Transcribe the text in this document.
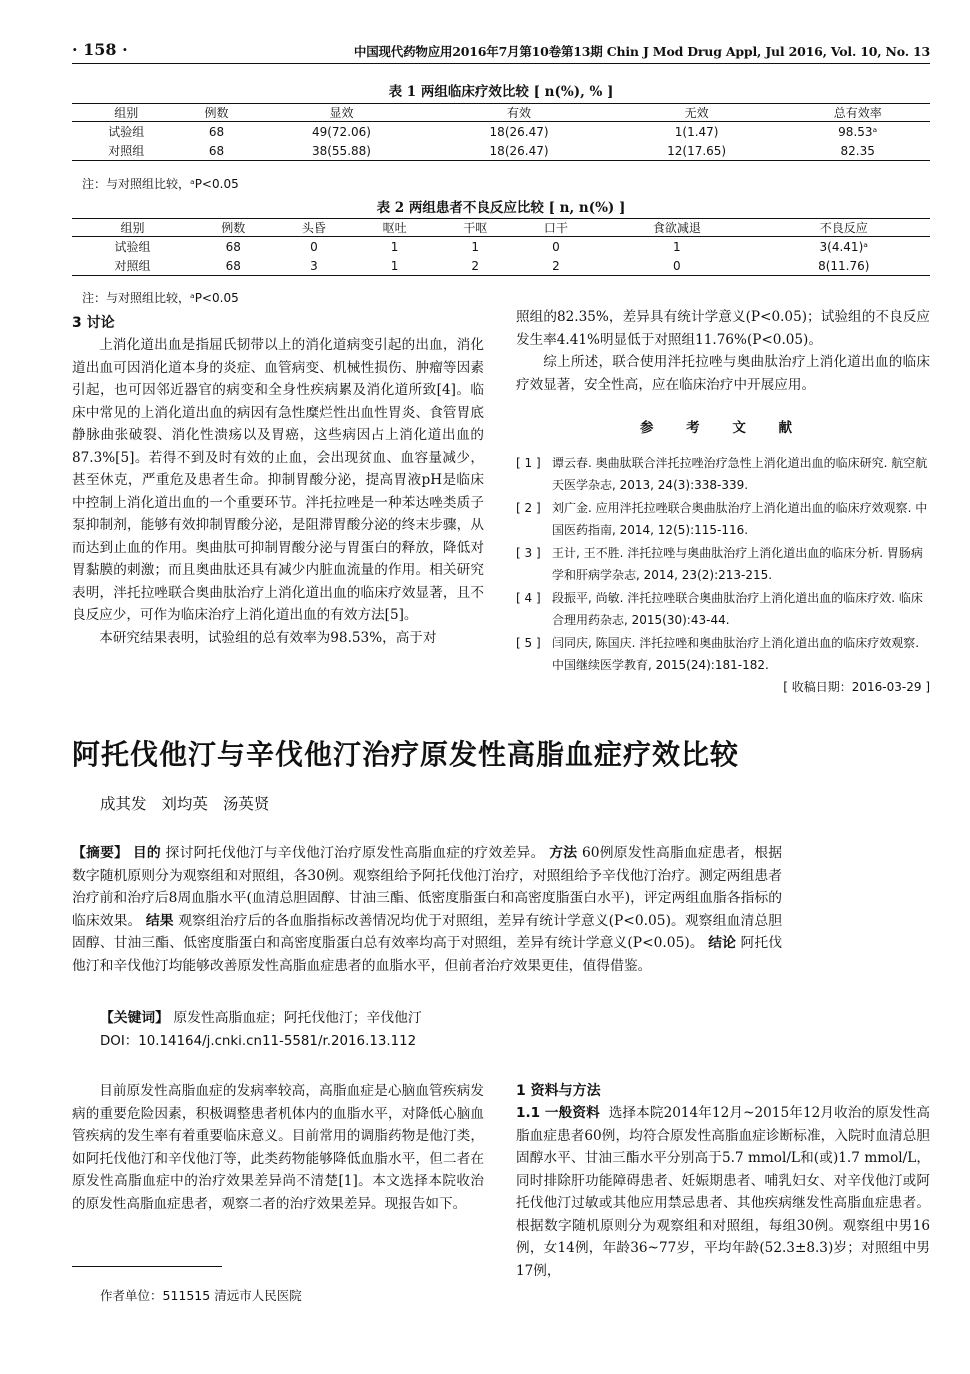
· 158 ·	中国现代药物应用2016年7月第10卷第13期 Chin J Mod Drug Appl, Jul 2016, Vol. 10, No. 13
表 1 两组临床疗效比较 [ n(%), % ]
组别	例数	显效	有效	无效	总有效率
试验组	68	49(72.06)	18(26.47)	1(1.47)	98.53ᵃ
对照组	68	38(55.88)	18(26.47)	12(17.65)	82.35
注：与对照组比较，ᵃP<0.05
表 2 两组患者不良反应比较 [ n, n(%) ]
组别	例数	头昏	呕吐	干呕	口干	食欲减退	不良反应
试验组	68	0	1	1	0	1	3(4.41)ᵃ
对照组	68	3	1	2	2	0	8(11.76)
注：与对照组比较，ᵃP<0.05
3 讨论

上消化道出血是指屈氏韧带以上的消化道病变引起的出血，消化道出血可因消化道本身的炎症、血管病变、机械性损伤、肿瘤等因素引起，也可因邻近器官的病变和全身性疾病累及消化道所致[4]。临床中常见的上消化道出血的病因有急性糜烂性出血性胃炎、食管胃底静脉曲张破裂、消化性溃疡以及胃癌，这些病因占上消化道出血的87.3%[5]。若得不到及时有效的止血，会出现贫血、血容量减少，甚至休克，严重危及患者生命。抑制胃酸分泌，提高胃液pH是临床中控制上消化道出血的一个重要环节。泮托拉唑是一种苯达唑类质子泵抑制剂，能够有效抑制胃酸分泌，是阻滞胃酸分泌的终末步骤，从而达到止血的作用。奥曲肽可抑制胃酸分泌与胃蛋白的释放，降低对胃黏膜的刺激；而且奥曲肽还具有减少内脏血流量的作用。相关研究表明，泮托拉唑联合奥曲肽治疗上消化道出血的临床疗效显著，且不良反应少，可作为临床治疗上消化道出血的有效方法[5]。

本研究结果表明，试验组的总有效率为98.53%，高于对

照组的82.35%，差异具有统计学意义(P<0.05)；试验组的不良反应发生率4.41%明显低于对照组11.76%(P<0.05)。

综上所述，联合使用泮托拉唑与奥曲肽治疗上消化道出血的临床疗效显著，安全性高，应在临床治疗中开展应用。

参 考 文 献
[ 1 ] 谭云春. 奥曲肽联合泮托拉唑治疗急性上消化道出血的临床研究. 航空航天医学杂志, 2013, 24(3):338-339.
[ 2 ] 刘广金. 应用泮托拉唑联合奥曲肽治疗上消化道出血的临床疗效观察. 中国医药指南, 2014, 12(5):115-116.
[ 3 ] 王计, 王不胜. 泮托拉唑与奥曲肽治疗上消化道出血的临床分析. 胃肠病学和肝病学杂志, 2014, 23(2):213-215.
[ 4 ] 段振平, 尚敏. 泮托拉唑联合奥曲肽治疗上消化道出血的临床疗效. 临床合理用药杂志, 2015(30):43-44.
[ 5 ] 闫同庆, 陈国庆. 泮托拉唑和奥曲肽治疗上消化道出血的临床疗效观察. 中国继续医学教育, 2015(24):181-182.
[ 收稿日期：2016-03-29 ]
阿托伐他汀与辛伐他汀治疗原发性高脂血症疗效比较
成其发 刘均英 汤英贤
【摘要】 目的 探讨阿托伐他汀与辛伐他汀治疗原发性高脂血症的疗效差异。 方法 60例原发性高脂血症患者，根据数字随机原则分为观察组和对照组，各30例。观察组给予阿托伐他汀治疗，对照组给予辛伐他汀治疗。测定两组患者治疗前和治疗后8周血脂水平(血清总胆固醇、甘油三酯、低密度脂蛋白和高密度脂蛋白水平)，评定两组血脂各指标的临床效果。 结果 观察组治疗后的各血脂指标改善情况均优于对照组，差异有统计学意义(P<0.05)。观察组血清总胆固醇、甘油三酯、低密度脂蛋白和高密度脂蛋白总有效率均高于对照组，差异有统计学意义(P<0.05)。 结论 阿托伐他汀和辛伐他汀均能够改善原发性高脂血症患者的血脂水平，但前者治疗效果更佳，值得借鉴。
【关键词】 原发性高脂血症；阿托伐他汀；辛伐他汀
DOI：10.14164/j.cnki.cn11-5581/r.2016.13.112

目前原发性高脂血症的发病率较高，高脂血症是心脑血管疾病发病的重要危险因素，积极调整患者机体内的血脂水平，对降低心脑血管疾病的发生率有着重要临床意义。目前常用的调脂药物是他汀类，如阿托伐他汀和辛伐他汀等，此类药物能够降低血脂水平，但二者在原发性高脂血症中的治疗效果差异尚不清楚[1]。本文选择本院收治的原发性高脂血症患者，观察二者的治疗效果差异。现报告如下。

作者单位：511515 清远市人民医院
1 资料与方法

1.1 一般资料 选择本院2014年12月~2015年12月收治的原发性高脂血症患者60例，均符合原发性高脂血症诊断标准，入院时血清总胆固醇水平、甘油三酯水平分别高于5.7 mmol/L和(或)1.7 mmol/L，同时排除肝功能障碍患者、妊娠期患者、哺乳妇女、对辛伐他汀或阿托伐他汀过敏或其他应用禁忌患者、其他疾病继发性高脂血症患者。根据数字随机原则分为观察组和对照组，每组30例。观察组中男16例，女14例，年龄36~77岁，平均年龄(52.3±8.3)岁；对照组中男17例，
